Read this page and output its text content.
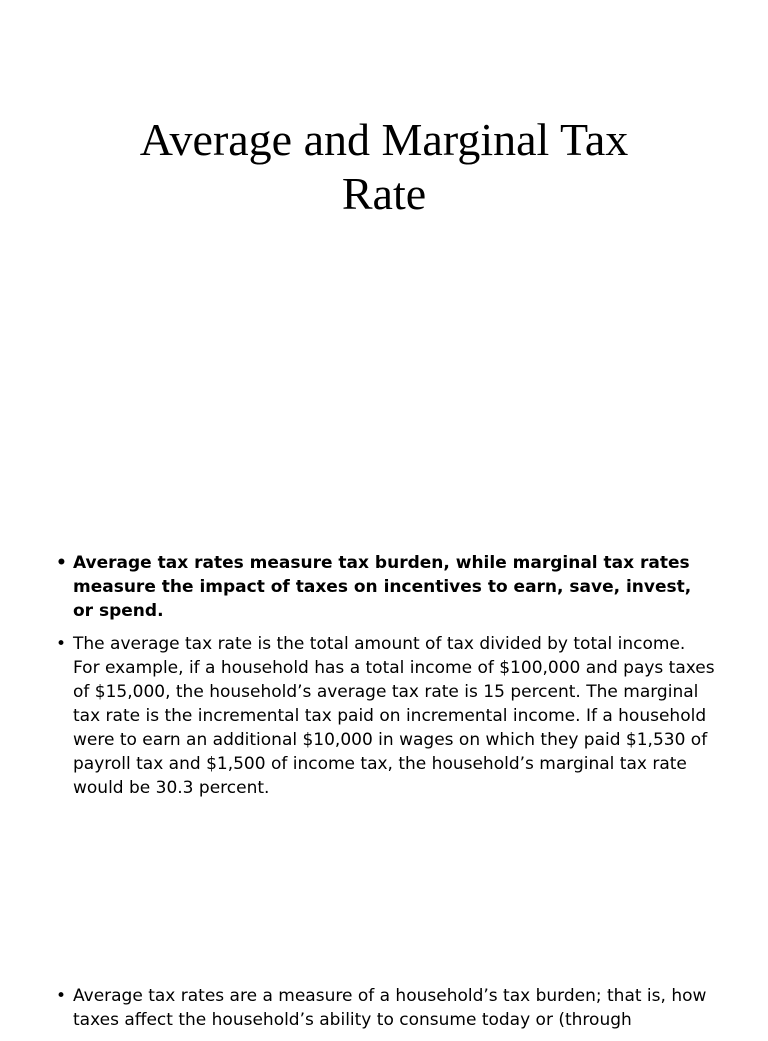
Average and Marginal Tax
Rate
• Average tax rates measure tax burden, while marginal tax rates measure the impact of taxes on incentives to earn, save, invest, or spend.
• The average tax rate is the total amount of tax divided by total income. For example, if a household has a total income of $100,000 and pays taxes of $15,000, the household’s average tax rate is 15 percent. The marginal tax rate is the incremental tax paid on incremental income. If a household were to earn an additional $10,000 in wages on which they paid $1,530 of payroll tax and $1,500 of income tax, the household’s marginal tax rate would be 30.3 percent.
• Average tax rates are a measure of a household’s tax burden; that is, how taxes affect the household’s ability to consume today or (through
